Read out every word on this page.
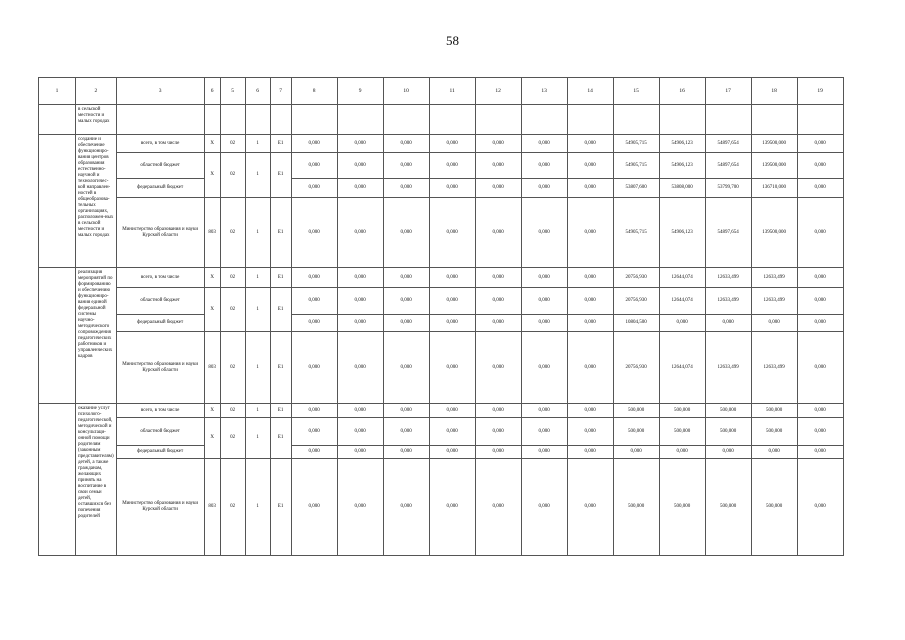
58
1	2	3	6	5	6	7	8	9	10	11	12	13	14	15	16	17	18	19
	в сельской местности и малых городах																	
	создание и обеспечение функциониро-вания центров образования естественно-научной и технологичес-кой направлен-ностей в общеобразова-тельных организациях, расположен-ных в сельской местности и малых городах	всего, в том числе	X	02	1	E1	0,000	0,000	0,000	0,000	0,000	0,000	0,000	54905,715	54906,123	54897,654	139500,000	0,000
		областной бюджет	X	02	1	E1	0,000	0,000	0,000	0,000	0,000	0,000	0,000	54905,715	54906,123	54897,654	139500,000	0,000
		федеральный бюджет					0,000	0,000	0,000	0,000	0,000	0,000	0,000	53807,600	53808,000	53799,700	136710,000	0,000
		Министерство образования и науки Курской области	803	02	1	E1	0,000	0,000	0,000	0,000	0,000	0,000	0,000	54905,715	54906,123	54897,654	139500,000	0,000
	реализация мероприятий по формированию и обеспечению функциониро-вания единой федеральной системы научно-методического сопровождения педагогических работников и управленческих кадров	всего, в том числе	X	02	1	E1	0,000	0,000	0,000	0,000	0,000	0,000	0,000	20756,930	12644,074	12633,499	12633,499	0,000
		областной бюджет	X	02	1	E1	0,000	0,000	0,000	0,000	0,000	0,000	0,000	20756,930	12644,074	12633,499	12633,499	0,000
		федеральный бюджет					0,000	0,000	0,000	0,000	0,000	0,000	0,000	10804,500	0,000	0,000	0,000	0,000
		Министерство образования и науки Курской области	803	02	1	E1	0,000	0,000	0,000	0,000	0,000	0,000	0,000	20756,930	12644,074	12633,499	12633,499	0,000
	оказание услуг психолого-педагогической, методической и консультаци-онной помощи родителям (законным представителям) детей, а также гражданам, желающих принять на воспитание в свои семьи детей, оставшихся без попечения родителей	всего, в том числе	X	02	1	E1	0,000	0,000	0,000	0,000	0,000	0,000	0,000	500,000	500,000	500,000	500,000	0,000
		областной бюджет	X	02	1	E1	0,000	0,000	0,000	0,000	0,000	0,000	0,000	500,000	500,000	500,000	500,000	0,000
		федеральный бюджет					0,000	0,000	0,000	0,000	0,000	0,000	0,000	0,000	0,000	0,000	0,000	0,000
		Министерство образования и науки Курской области	803	02	1	E1	0,000	0,000	0,000	0,000	0,000	0,000	0,000	500,000	500,000	500,000	500,000	0,000
